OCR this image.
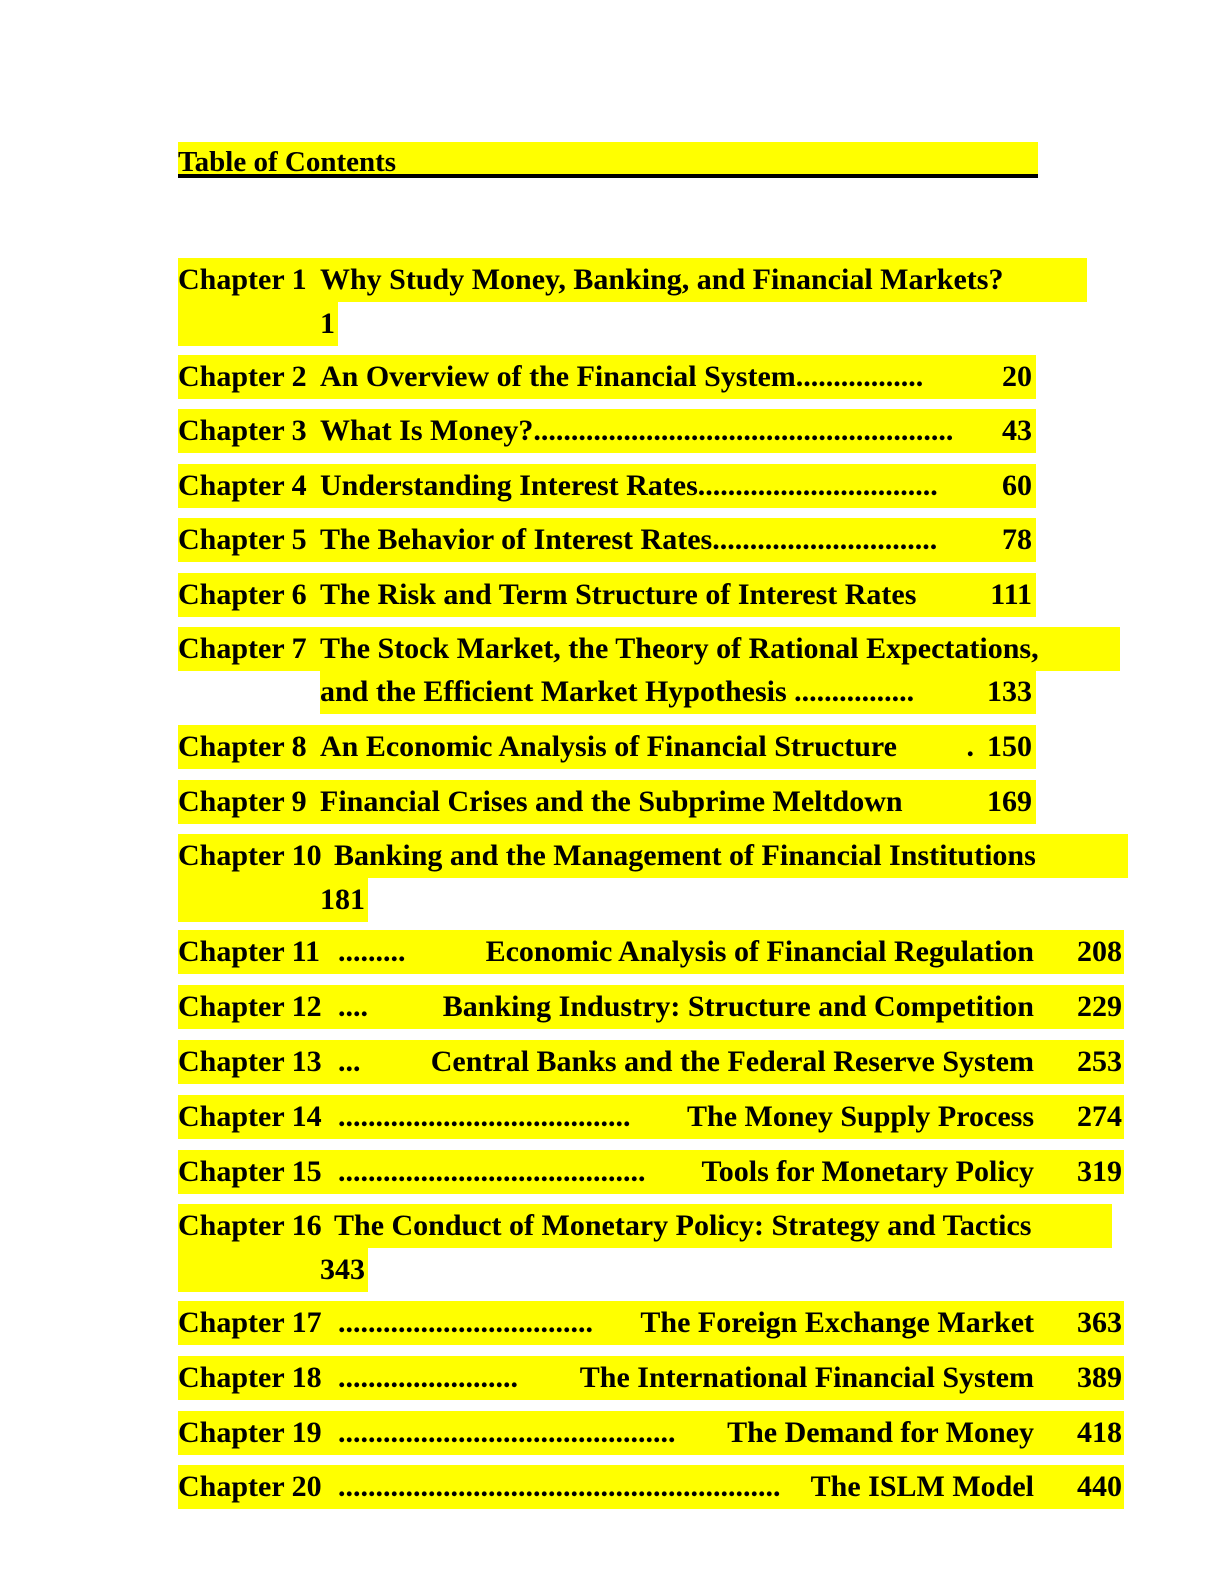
Table of Contents
Chapter 1 Why Study Money, Banking, and Financial Markets?
1
Chapter 2 An Overview of the Financial System.................	20
Chapter 3 What Is Money?........................................................ 43
Chapter 4 Understanding Interest Rates................................ 60
Chapter 5 The Behavior of Interest Rates.............................. 78
Chapter 6 The Risk and Term Structure of Interest Rates 111
Chapter 7 The Stock Market, the Theory of Rational Expectations,
and the Efficient Market Hypothesis ................ 133
Chapter 8 An Economic Analysis of Financial Structure . 150
Chapter 9 Financial Crises and the Subprime Meltdown	169
Chapter 10 Banking and the Management of Financial Institutions
181
Chapter 11 .........	Economic Analysis of Financial Regulation 208
Chapter 12 .... Banking Industry: Structure and Competition 229
Chapter 13 ... Central Banks and the Federal Reserve System 253
Chapter 14 ....................................... The Money Supply Process 274
Chapter 15 ......................................... Tools for Monetary Policy 319
Chapter 16 The Conduct of Monetary Policy: Strategy and Tactics
343
Chapter 17 .................................. The Foreign Exchange Market 363
Chapter 18 ........................ The International Financial System 389
Chapter 19 ............................................. The Demand for Money 418
Chapter 20 ........................................................... The ISLM Model 440
